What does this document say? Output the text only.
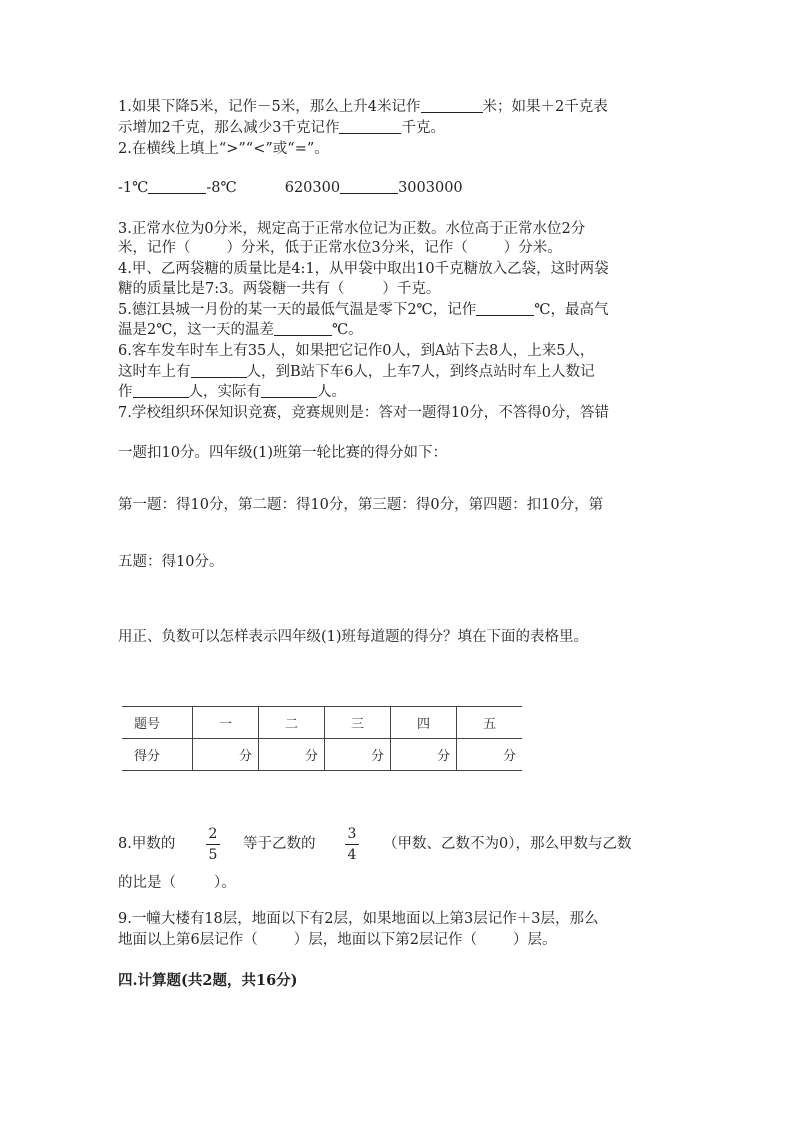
1.如果下降5米，记作－5米，那么上升4米记作	米；如果＋2千克表
示增加2千克，那么减少3千克记作	千克。
2.在横线上填上“>”“<”或“=”。
-1℃	-8℃	620300	3003000
3.正常水位为0分米，规定高于正常水位记为正数。水位高于正常水位2分
米，记作（ ）分米，低于正常水位3分米，记作（ ）分米。
4.甲、乙两袋糖的质量比是4:1，从甲袋中取出10千克糖放入乙袋，这时两袋
糖的质量比是7:3。两袋糖一共有（	）千克。
5.德江县城一月份的某一天的最低气温是零下2℃，记作	℃，最高气
温是2℃，这一天的温差	℃。
6.客车发车时车上有35人，如果把它记作0人，到A站下去8人，上来5人，
这时车上有	人，到B站下车6人，上车7人，到终点站时车上人数记
作	人，实际有	人。
7.学校组织环保知识竞赛，竞赛规则是：答对一题得10分，不答得0分，答错
一题扣10分。四年级(1)班第一轮比赛的得分如下：
第一题：得10分，第二题：得10分，第三题：得0分，第四题：扣10分，第
五题：得10分。
用正、负数可以怎样表示四年级(1)班每道题的得分？填在下面的表格里。
题号	一	二	三	四	五
得分	分	分	分	分	分
8.甲数的
2
5
等于乙数的
3
4
（甲数、乙数不为0），那么甲数与乙数
的比是（	）。
9.一幢大楼有18层，地面以下有2层，如果地面以上第3层记作＋3层，那么
地面以上第6层记作（ ）层，地面以下第2层记作（ ）层。
四.计算题(共2题，共16分)
